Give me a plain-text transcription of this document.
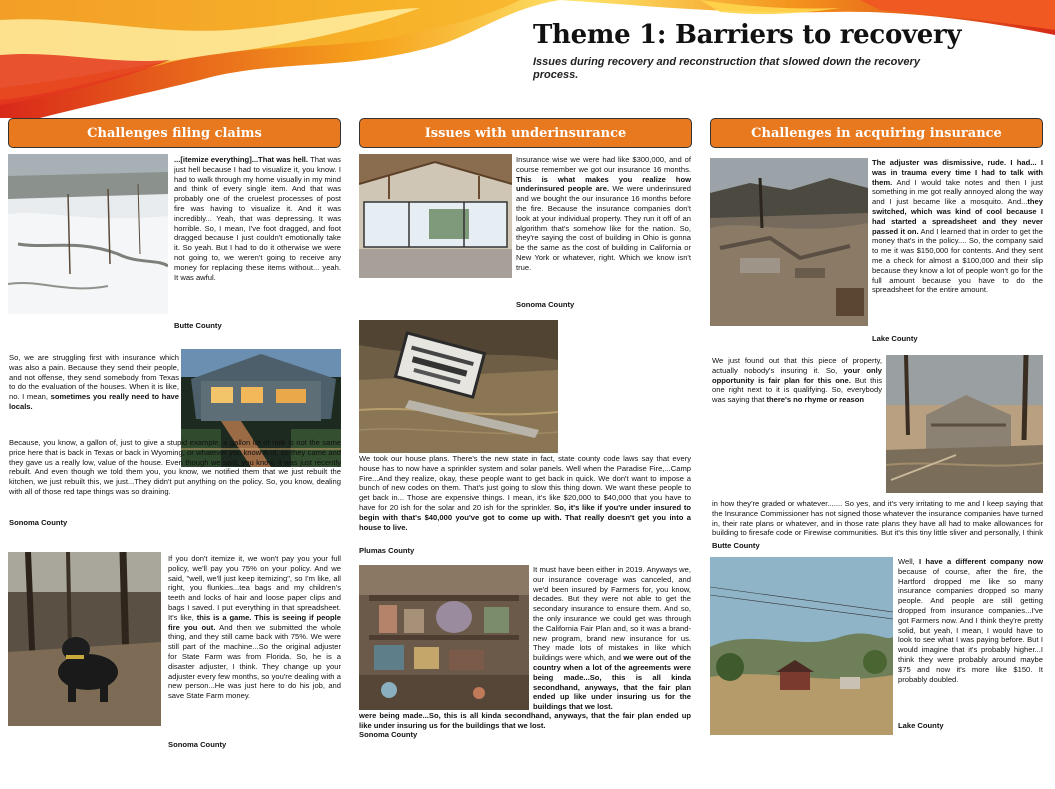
Theme 1: Barriers to recovery
Issues during recovery and reconstruction that slowed down the recovery process.
Challenges filing claims	Issues with underinsurance	Challenges in acquiring insurance
...[itemize everything]...That was hell. That was just hell because I had to visualize it, you know. I had to walk through my home visually in my mind and think of every single item. And that was probably one of the cruelest processes of post fire was having to visualize it. And it was incredibly... Yeah, that was depressing. It was horrible. So, I mean, I've foot dragged, and foot dragged because I just couldn't emotionally take it. So yeah. But I had to do it otherwise we were not going to, we weren't going to receive any money for replacing these items without... yeah. It was awful.
Butte County
So, we are struggling first with insurance which was also a pain. Because they send their people, and not offense, they send somebody from Texas to do the evaluation of the houses. When it is like, no. I mean, sometimes you really need to have locals.
Because, you know, a gallon of, just to give a stupid example, a gallon lot of milk is not the same price here that is back in Texas or back in Wyoming, or whatever you know And, so they came and they gave us a really low, value of the house. Even though we said, you know, it was just recently rebuilt. And even though we told them you, you know, we notified them that we just rebuilt the kitchen, we just rebuilt this, we just...They didn't put anything on the policy. So, you know, dealing with all of those red tape things was so draining.
Sonoma County
If you don't itemize it, we won't pay you your full policy, we'll pay you 75% on your policy. And we said, "well, we'll just keep itemizing", so I'm like, all right, you flunkies...tea bags and my children's teeth and locks of hair and loose paper clips and bags I saved. I put everything in that spreadsheet. It's like, this is a game. This is seeing if people fire you out. And then we submitted the whole thing, and they still came back with 75%. We were still part of the machine...So the original adjuster for State Farm was from Florida. So, he is a disaster adjuster, I think. They change up your adjuster every few months, so you're dealing with a new person...He was just here to do his job, and save State Farm money.
Sonoma County
Insurance wise we were had like $300,000, and of course remember we got our insurance 16 months. This is what makes you realize how underinsured people are. We were underinsured and we bought the our insurance 16 months before the fire. Because the insurance companies don't look at your individual property. They run it off of an algorithm that's somehow like for the nation. So, they're saying the cost of building in Ohio is gonna be the same as the cost of building in California or New York or whatever, right. Which we know isn't true.
Sonoma County
We took our house plans. There's the new state in fact, state county code laws say that every house has to now have a sprinkler system and solar panels. Well when the Paradise Fire,...Camp Fire...And they realize, okay, these people want to get back in quick. We don't want to impose a bunch of new codes on them. That's just going to slow this thing down. We want these people to get back in... Those are expensive things. I mean, it's like $20,000 to $40,000 that you have to have for 20 ish for the solar and 20 ish for the sprinkler. So, it's like if you're under insured to begin with that's $40,000 you've got to come up with. That really doesn't get you into a house to live.
Plumas County
It must have been either in 2019. Anyways we, our insurance coverage was canceled, and we'd been insured by Farmers for, you know, decades. But they were not able to get the secondary insurance to ensure them. And so, the only insurance we could get was through the California Fair Plan and, so it was a brand-new program, brand new insurance for us. They made lots of mistakes in like which buildings were which, and we were out of the country when a lot of the agreements were being made...So, this is all kinda secondhand, anyways, that the fair plan ended up like under insuring us for the buildings that we lost.
were being made...So, this is all kinda secondhand, anyways, that the fair plan ended up like under insuring us for the buildings that we lost.
Sonoma County
The adjuster was dismissive, rude. I had... I was in trauma every time I had to talk with them. And I would take notes and then I just something in me got really annoyed along the way and I just became like a mosquito. And...they switched, which was kind of cool because I had started a spreadsheet and they never passed it on. And I learned that in order to get the money that's in the policy.... So, the company said to me it was $150,000 for contents. And they sent me a check for almost a $100,000 and their slip because they know a lot of people won't go for the full amount because you have to do the spreadsheet for the entire amount.
Lake County
We just found out that this piece of property, actually nobody's insuring it. So, your only opportunity is fair plan for this one. But this one right next to it is qualifying. So, everybody was saying that there's no rhyme or reason
in how they're graded or whatever....... So yes, and it's very irritating to me and I keep saying that the Insurance Commissioner has not signed those whatever the insurance companies have turned in, their rate plans or whatever, and in those rate plans they have all had to make allowances for building to firesafe code or Firewise communities. But it's this tiny little sliver and personally, I think
Butte County
Well, I have a different company now because of course, after the fire, the Hartford dropped me like so many insurance companies dropped so many people. And people are still getting dropped from insurance companies...I've got Farmers now. And I think they're pretty solid, but yeah, I mean, I would have to look to see what I was paying before. But I would imagine that it's probably higher...I think they were probably around maybe $75 and now it's more like $150. It probably doubled.
Lake County
